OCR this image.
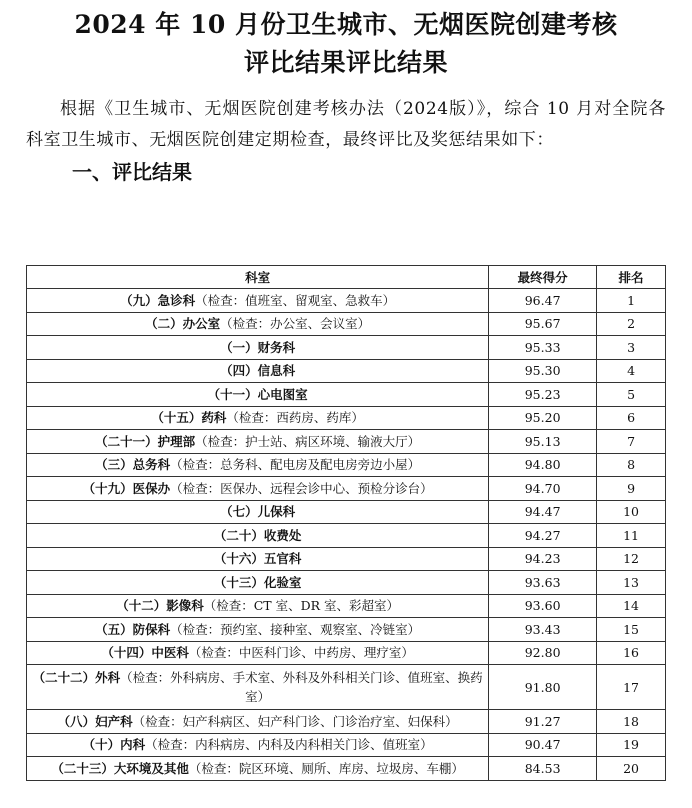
2024 年 10 月份卫生城市、无烟医院创建考核
评比结果评比结果

根据《卫生城市、无烟医院创建考核办法（2024版）》，综合 10 月对全院各科室卫生城市、无烟医院创建定期检查，最终评比及奖惩结果如下：

一、评比结果
科室	最终得分	排名
（九）急诊科（检查：值班室、留观室、急救车）	96.47	1
（二）办公室（检查：办公室、会议室）	95.67	2
（一）财务科	95.33	3
（四）信息科	95.30	4
（十一）心电图室	95.23	5
（十五）药科（检查：西药房、药库）	95.20	6
（二十一）护理部（检查：护士站、病区环境、输液大厅）	95.13	7
（三）总务科（检查：总务科、配电房及配电房旁边小屋）	94.80	8
（十九）医保办（检查：医保办、远程会诊中心、预检分诊台）	94.70	9
（七）儿保科	94.47	10
（二十）收费处	94.27	11
（十六）五官科	94.23	12
（十三）化验室	93.63	13
（十二）影像科（检查：CT 室、DR 室、彩超室）	93.60	14
（五）防保科（检查：预约室、接种室、观察室、冷链室）	93.43	15
（十四）中医科（检查：中医科门诊、中药房、理疗室）	92.80	16
（二十二）外科（检查：外科病房、手术室、外科及外科相关门诊、值班室、换药室）	91.80	17
（八）妇产科（检查：妇产科病区、妇产科门诊、门诊治疗室、妇保科）	91.27	18
（十）内科（检查：内科病房、内科及内科相关门诊、值班室）	90.47	19
（二十三）大环境及其他（检查：院区环境、厕所、库房、垃圾房、车棚）	84.53	20
